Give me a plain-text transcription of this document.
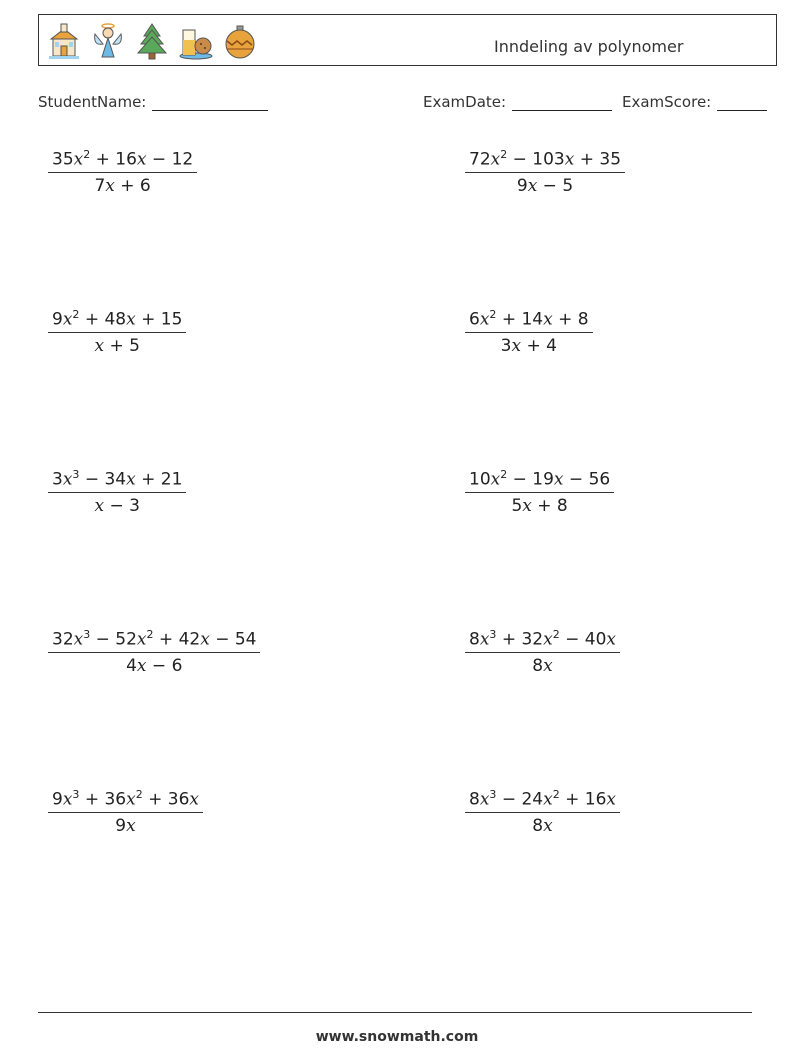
Inndeling av polynomer
StudentName:	ExamDate:	ExamScore:
$35x^2 + 16x - 12$
7x + 6
$72x^2 - 103x + 35$
9x − 5
$9x^2 + 48x + 15$
x + 5
$6x^2 + 14x + 8$
3x + 4
$3x^3 - 34x + 21$
x − 3
$10x^2 - 19x - 56$
5x + 8
$32x^3 - 52x^2 + 42x - 54$
4x − 6
$8x^3 + 32x^2 - 40x$
8x
$9x^3 + 36x^2 + 36x$
9x
$8x^3 - 24x^2 + 16x$
8x
www.snowmath.com
